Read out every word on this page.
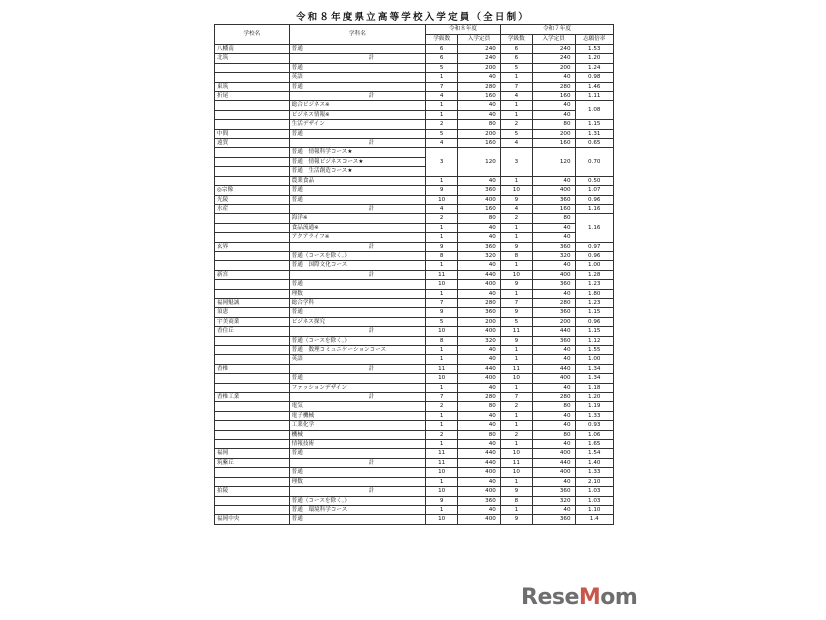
令和８年度県立高等学校入学定員（全日制）
学校名	学科名	令和８年度		令和７年度		
		学級数	入学定員	学級数	入学定員	志願倍率
八幡南	普通	6	240	6	240	1.53
北筑	計	6	240	6	240	1.20
	普通	5	200	5	200	1.24
	英語	1	40	1	40	0.98
東筑	普通	7	280	7	280	1.46
折尾	計	4	160	4	160	1.11
	総合ビジネス※	1	40	1	40	1.08
	ビジネス情報※	1	40	1	40	
	生活デザイン	2	80	2	80	1.15
中間	普通	5	200	5	200	1.31
遠賀	計	4	160	4	160	0.65
	普通　情報科学コース★	3	120	3	120	0.70
	普通　情報ビジネスコース★					
	普通　生活創造コース★					
	農業食品	1	40	1	40	0.50
◎宗像	普通	9	360	10	400	1.07
光陵	普通	10	400	9	360	0.96
水産	計	4	160	4	160	1.16
	海洋※	2	80	2	80	1.16
	食品流通※	1	40	1	40	
	アクアライフ※	1	40	1	40	
玄界	計	9	360	9	360	0.97
	普通（コースを除く。）	8	320	8	320	0.96
	普通　国際文化コース	1	40	1	40	1.00
新宮	計	11	440	10	400	1.28
	普通	10	400	9	360	1.23
	理数	1	40	1	40	1.80
福岡魁誠	総合学科	7	280	7	280	1.23
須恵	普通	9	360	9	360	1.15
宇美商業	ビジネス探究	5	200	5	200	0.96
香住丘	計	10	400	11	440	1.15
	普通（コースを除く。）	8	320	9	360	1.12
	普通　数理コミュニケーションコース	1	40	1	40	1.55
	英語	1	40	1	40	1.00
香椎	計	11	440	11	440	1.34
	普通	10	400	10	400	1.34
	ファッションデザイン	1	40	1	40	1.18
香椎工業	計	7	280	7	280	1.20
	電気	2	80	2	80	1.19
	電子機械	1	40	1	40	1.33
	工業化学	1	40	1	40	0.93
	機械	2	80	2	80	1.06
	情報技術	1	40	1	40	1.65
福岡	普通	11	440	10	400	1.54
筑紫丘	計	11	440	11	440	1.40
	普通	10	400	10	400	1.33
	理数	1	40	1	40	2.10
拍陵	計	10	400	9	360	1.03
	普通（コースを除く。）	9	360	8	320	1.03
	普通　環境科学コース	1	40	1	40	1.10
福岡中央	普通	10	400	9	360	1.4
ReseMom
